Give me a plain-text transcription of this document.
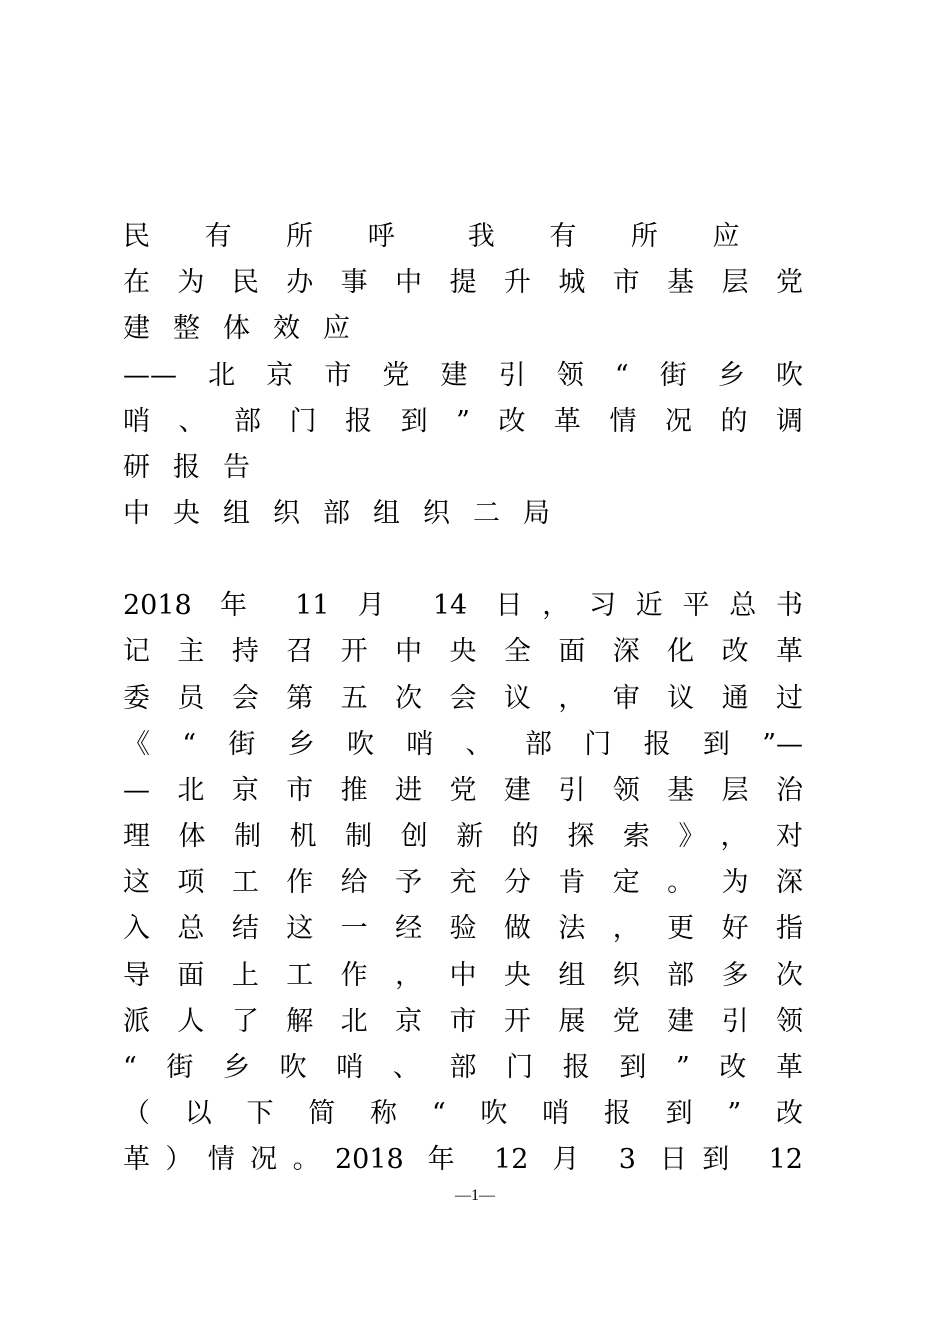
民 有 所 呼　我 有 所 应
在为民办事中提升城市基层党
建整体效应
——北京市党建引领“街乡吹
哨、部门报到”改革情况的调
研报告
中央组织部组织二局
2018 年 11 月 14 日，习近平总书
记主持召开中央全面深化改革
委员会第五次会议，审议通过
《“街乡吹哨、部门报到”—
—北京市推进党建引领基层治
理体制机制创新的探索》，对
这项工作给予充分肯定。为深
入总结这一经验做法，更好指
导面上工作，中央组织部多次
派人了解北京市开展党建引领
“街乡吹哨、部门报到”改革
（以下简称“吹哨报到”改
革）情况。2018 年 12 月 3 日到 12
—1—
